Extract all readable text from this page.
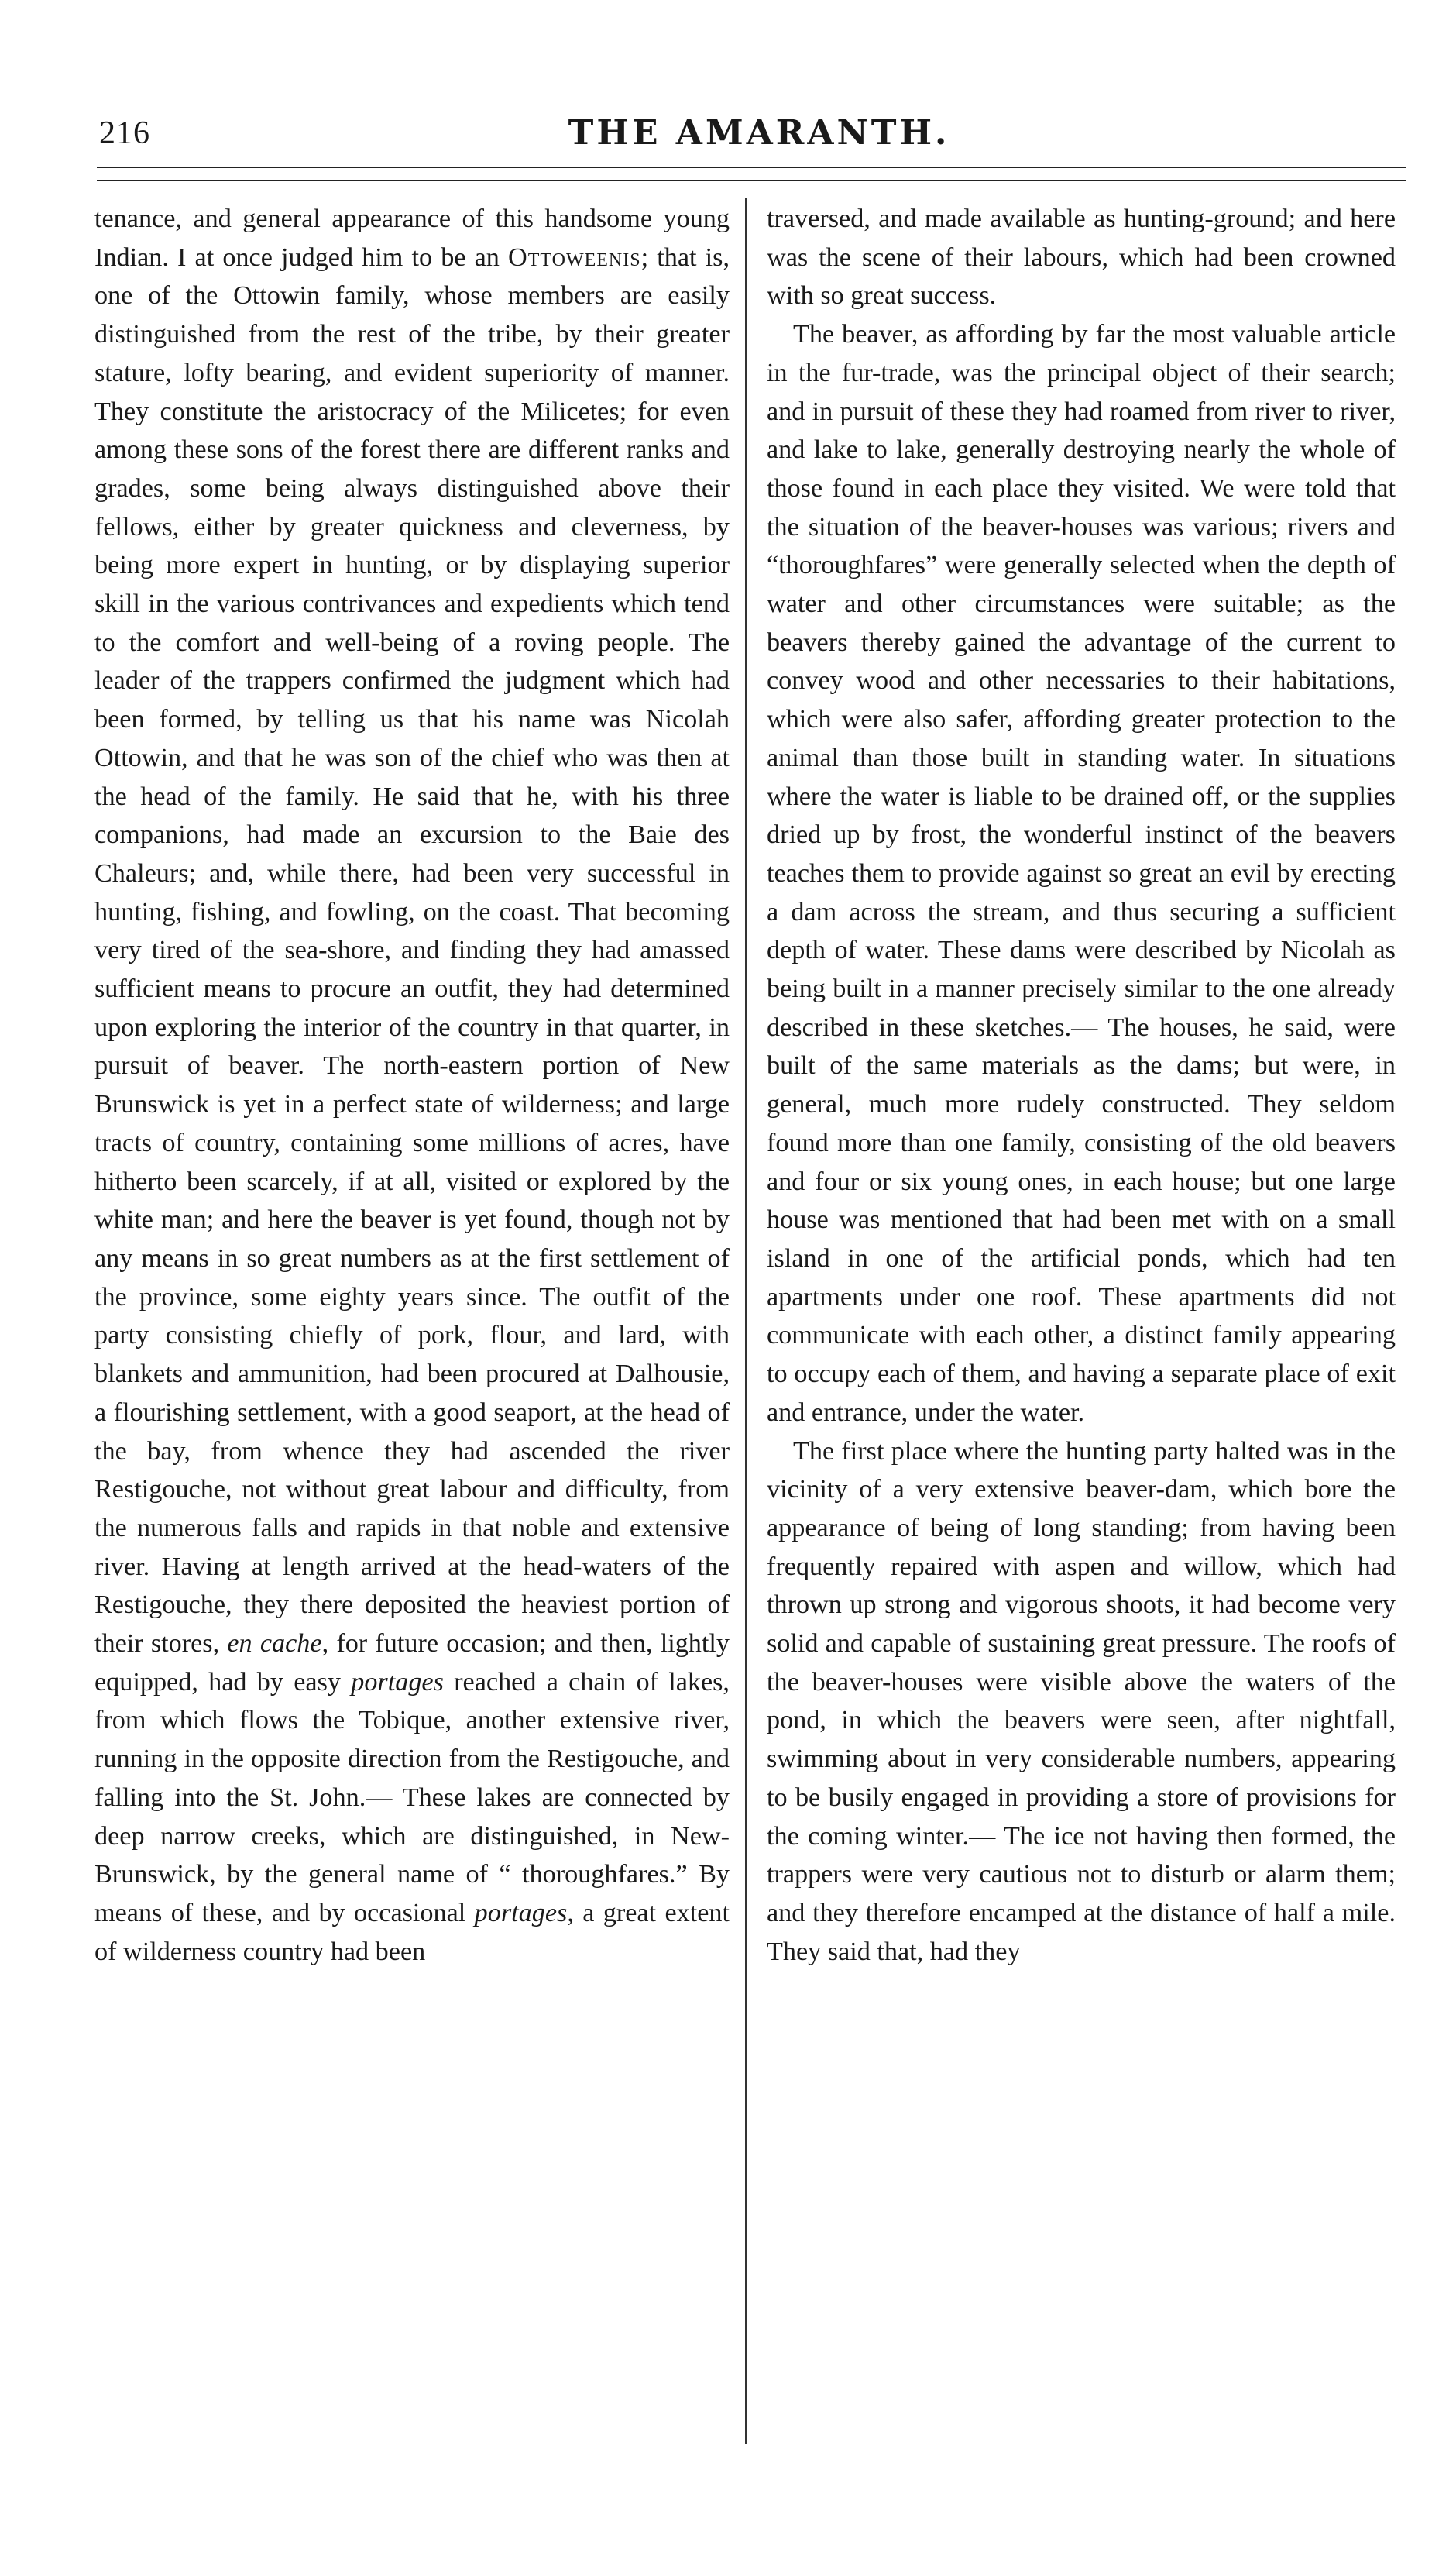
216	THE AMARANTH.

tenance, and general appearance of this handsome young Indian. I at once judged him to be an Ottoweenis; that is, one of the Ottowin family, whose members are easily distinguished from the rest of the tribe, by their greater stature, lofty bearing, and evident superiority of manner. They constitute the aristocracy of the Milicetes; for even among these sons of the forest there are different ranks and grades, some being always distinguished above their fellows, either by greater quickness and cleverness, by being more expert in hunting, or by displaying superior skill in the various contrivances and expedients which tend to the comfort and well-being of a roving people. The leader of the trappers confirmed the judgment which had been formed, by telling us that his name was Nicolah Ottowin, and that he was son of the chief who was then at the head of the family. He said that he, with his three companions, had made an excursion to the Baie des Chaleurs; and, while there, had been very successful in hunting, fishing, and fowling, on the coast. That becoming very tired of the sea-shore, and finding they had amassed sufficient means to procure an outfit, they had determined upon exploring the interior of the country in that quarter, in pursuit of beaver. The north-eastern portion of New Brunswick is yet in a perfect state of wilderness; and large tracts of country, containing some millions of acres, have hitherto been scarcely, if at all, visited or explored by the white man; and here the beaver is yet found, though not by any means in so great numbers as at the first settlement of the province, some eighty years since. The outfit of the party consisting chiefly of pork, flour, and lard, with blankets and ammunition, had been procured at Dalhousie, a flourishing settlement, with a good seaport, at the head of the bay, from whence they had ascended the river Restigouche, not without great labour and difficulty, from the numerous falls and rapids in that noble and extensive river. Having at length arrived at the head-waters of the Restigouche, they there deposited the heaviest portion of their stores, en cache, for future occasion; and then, lightly equipped, had by easy portages reached a chain of lakes, from which flows the Tobique, another extensive river, running in the opposite direction from the Restigouche, and falling into the St. John.— These lakes are connected by deep narrow creeks, which are distinguished, in New-Brunswick, by the general name of “ thoroughfares.” By means of these, and by occasional portages, a great extent of wilderness country had been

traversed, and made available as hunting-ground; and here was the scene of their labours, which had been crowned with so great success.

The beaver, as affording by far the most valuable article in the fur-trade, was the principal object of their search; and in pursuit of these they had roamed from river to river, and lake to lake, generally destroying nearly the whole of those found in each place they visited. We were told that the situation of the beaver-houses was various; rivers and “thoroughfares” were generally selected when the depth of water and other circumstances were suitable; as the beavers thereby gained the advantage of the current to convey wood and other necessaries to their habitations, which were also safer, affording greater protection to the animal than those built in standing water. In situations where the water is liable to be drained off, or the supplies dried up by frost, the wonderful instinct of the beavers teaches them to provide against so great an evil by erecting a dam across the stream, and thus securing a sufficient depth of water. These dams were described by Nicolah as being built in a manner precisely similar to the one already described in these sketches.— The houses, he said, were built of the same materials as the dams; but were, in general, much more rudely constructed. They seldom found more than one family, consisting of the old beavers and four or six young ones, in each house; but one large house was mentioned that had been met with on a small island in one of the artificial ponds, which had ten apartments under one roof. These apartments did not communicate with each other, a distinct family appearing to occupy each of them, and having a separate place of exit and entrance, under the water.

The first place where the hunting party halted was in the vicinity of a very extensive beaver-dam, which bore the appearance of being of long standing; from having been frequently repaired with aspen and willow, which had thrown up strong and vigorous shoots, it had become very solid and capable of sustaining great pressure. The roofs of the beaver-houses were visible above the waters of the pond, in which the beavers were seen, after nightfall, swimming about in very considerable numbers, appearing to be busily engaged in providing a store of provisions for the coming winter.— The ice not having then formed, the trappers were very cautious not to disturb or alarm them; and they therefore encamped at the distance of half a mile. They said that, had they
